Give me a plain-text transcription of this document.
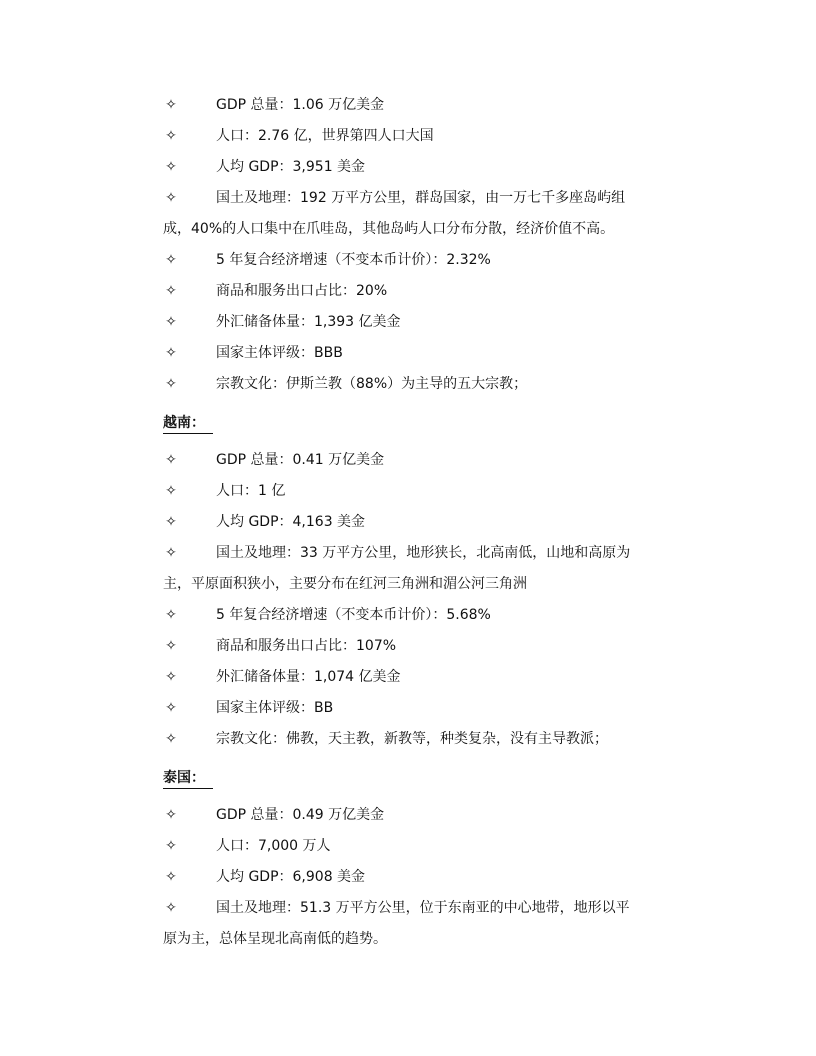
✧	GDP 总量：1.06 万亿美金
✧	人口：2.76 亿，世界第四人口大国
✧	人均 GDP：3,951 美金
✧	国土及地理：192 万平方公里，群岛国家，由一万七千多座岛屿组
成，40%的人口集中在爪哇岛，其他岛屿人口分布分散，经济价值不高。
✧	5 年复合经济增速（不变本币计价）：2.32%
✧	商品和服务出口占比：20%
✧	外汇储备体量：1,393 亿美金
✧	国家主体评级：BBB
✧	宗教文化：伊斯兰教（88%）为主导的五大宗教；
越南：
✧	GDP 总量：0.41 万亿美金
✧	人口：1 亿
✧	人均 GDP：4,163 美金
✧	国土及地理：33 万平方公里，地形狭长，北高南低，山地和高原为
主，平原面积狭小，主要分布在红河三角洲和湄公河三角洲
✧	5 年复合经济增速（不变本币计价）：5.68%
✧	商品和服务出口占比：107%
✧	外汇储备体量：1,074 亿美金
✧	国家主体评级：BB
✧	宗教文化：佛教，天主教，新教等，种类复杂，没有主导教派；
泰国：
✧	GDP 总量：0.49 万亿美金
✧	人口：7,000 万人
✧	人均 GDP：6,908 美金
✧	国土及地理：51.3 万平方公里，位于东南亚的中心地带，地形以平
原为主，总体呈现北高南低的趋势。
